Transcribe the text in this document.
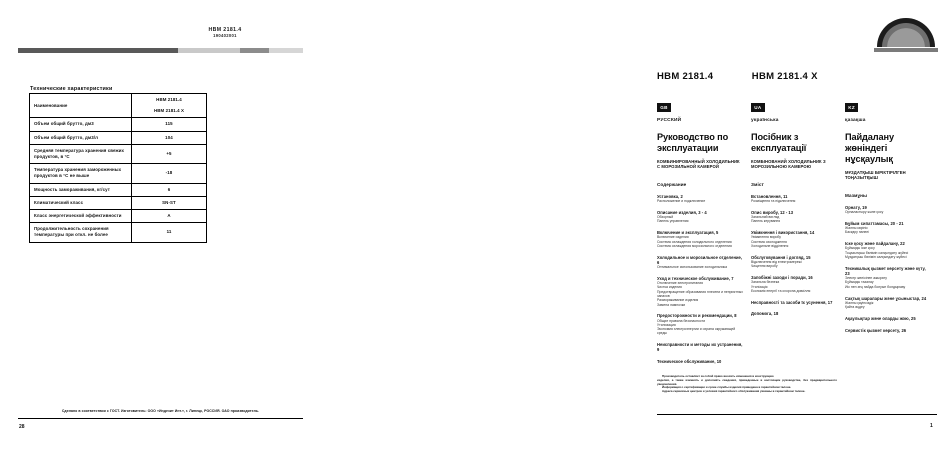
HBM 2181.4
190402001
Технические характеристики
Наименование	HBM 2181.4
HBM 2181.4 X

Объем общий брутто, дм3	115
Объем общий брутто, дм3/л	104
Средняя температура хранения свежих продуктов, в °С	+5
Температура хранения замороженных продуктов в °С не выше	-18
Мощность замораживания, кг/сут	6
Климатический класс	SN-ST
Класс энергетической эффективности	A
Продолжительность сохранения температуры при откл. не более	11
Сделано в соответствии с ГОСТ. Изготовитель: ООО «Индезит Инт.», г. Липецк, РОССИЯ. ОАО производитель.
28
HBM 2181.4	HBM 2181.4 X
GB
РУССКИЙ
Руководство по эксплуатации
КОМБИНИРОВАННЫЙ ХОЛОДИЛЬНИК С МОРОЗИЛЬНОЙ КАМЕРОЙ
Содержание
Установка, 2
Расположение и подключение
Описание изделия, 3 - 4
Обзорный
Панель управления
Включение и эксплуатация, 5
Включение изделия
Система охлаждения холодильного отделения
Система охлаждения морозильного отделения
Холодильное и морозильное отделение, 6
Оптимальное использование холодильника
Уход и техническое обслуживание, 7
Отключение электропитания
Чистка изделия
Предотвращение образования плесени и неприятных запахов
Размораживание изделия
Замена лампочки
Предосторожности и рекомендации, 8
Общие правила безопасности
Утилизация
Экономия электроэнергии и охрана окружающей среды
Неисправности и методы их устранения, 9
Техническое обслуживание, 10
UA
українська
Посібник з експлуатації
КОМБІНОВАНИЙ ХОЛОДИЛЬНИК З МОРОЗИЛЬНОЮ КАМЕРОЮ
Зміст
Встановлення, 11
Розміщення та підключення
Опис виробу, 12 - 13
Загальний вигляд
Панель керування
Увімкнення і використання, 14
Увімкнення виробу
Система охолодження
Холодильне відділення
Обслуговування і догляд, 15
Відключення від електромережі
Чищення виробу
Запобіжні заходи і поради, 16
Загальна безпека
Утилізація
Економія енергії та охорона довкілля
Несправності та засоби їх усунення, 17
Допомога, 18
KZ
қазақша
Пайдалану жөніндегі нұсқаулық
МҰЗДАТҚЫШ БІРІКТІРІЛГЕН ТОҢАЗЫТҚЫШ
Мазмұны
Орнату, 19
Орналастыру және қосу
Бұйым сипаттамасы, 20 - 21
Жалпы көрініс
Басқару панелі
Іске қосу және пайдалану, 22
Бұйымды іске қосу
Тоңазытқыш бөлімін салқындату жүйесі
Мұздатқыш бөлімін салқындату жүйесі
Техникалық қызмет көрсету және күту, 23
Электр желісінен ажырату
Бұйымды тазалау
Иіс пен зең пайда болуын болдырмау
Сақтық шаралары және ұсыныстар, 24
Жалпы қауіпсіздік
Қайта өңдеу
Ақаулықтар және оларды жою, 25
Сервистік қызмет көрсету, 26
Производитель оставляет за собой право вносить изменения в конструкцию
изделия, а также изменять и дополнять сведения, приведенные в настоящем руководстве, без предварительного уведомления.
Информация о сертификации и сроке службы изделия приведена в гарантийном талоне.
Адреса сервисных центров и условия гарантийного обслуживания указаны в гарантийном талоне.
1
